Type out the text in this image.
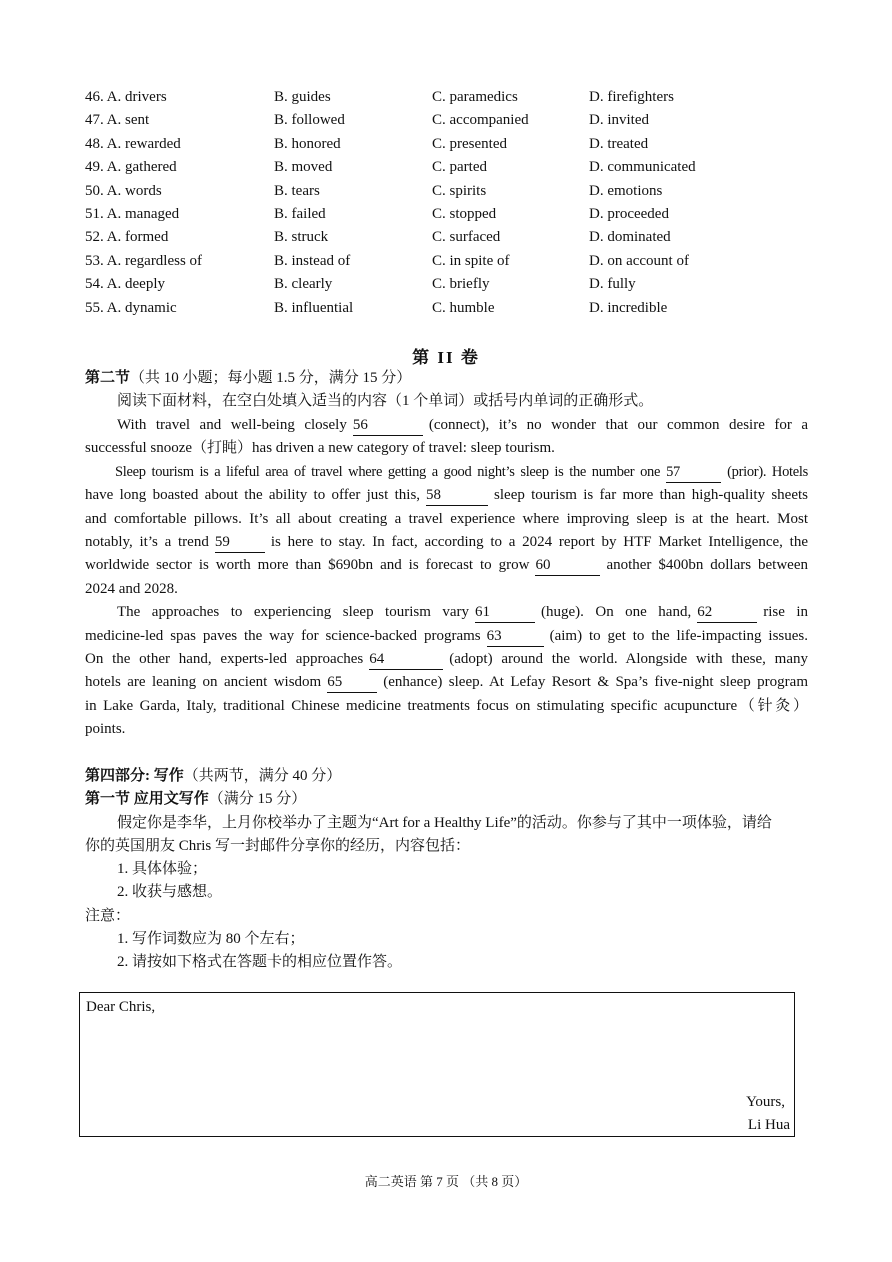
46. A. drivers	B. guides	C. paramedics	D. firefighters
47. A. sent	B. followed	C. accompanied	D. invited
48. A. rewarded	B. honored	C. presented	D. treated
49. A. gathered	B. moved	C. parted	D. communicated
50. A. words	B. tears	C. spirits	D. emotions
51. A. managed	B. failed	C. stopped	D. proceeded
52. A. formed	B. struck	C. surfaced	D. dominated
53. A. regardless of	B. instead of	C. in spite of	D. on account of
54. A. deeply	B. clearly	C. briefly	D. fully
55. A. dynamic	B. influential	C. humble	D. incredible
第 II 卷
第二节（共 10 小题；每小题 1.5 分，满分 15 分）
阅读下面材料，在空白处填入适当的内容（1 个单词）或括号内单词的正确形式。
With travel and well-being closely 56	(connect), it’s no wonder that our common desire for a
successful snooze（打盹）has driven a new category of travel: sleep tourism.
Sleep tourism is a lifeful area of travel where getting a good night’s sleep is the number one 57	(prior). Hotels
have long boasted about the ability to offer just this, 58	sleep tourism is far more than high-quality sheets
and comfortable pillows. It’s all about creating a travel experience where improving sleep is at the heart. Most
notably, it’s a trend 59	is here to stay. In fact, according to a 2024 report by HTF Market Intelligence, the
worldwide sector is worth more than $690bn and is forecast to grow 60	another $400bn dollars between
2024 and 2028.
The approaches to experiencing sleep tourism vary 61	(huge). On one hand, 62	rise in
medicine-led spas paves the way for science-backed programs 63	(aim) to get to the life-impacting issues.
On the other hand, experts-led approaches 64	(adopt) around the world. Alongside with these, many
hotels are leaning on ancient wisdom 65	(enhance) sleep. At Lefay Resort & Spa’s five-night sleep program
in Lake Garda, Italy, traditional Chinese medicine treatments focus on stimulating specific acupuncture（针灸）
points.
第四部分: 写作（共两节，满分 40 分）
第一节 应用文写作（满分 15 分）
假定你是李华，上月你校举办了主题为“Art for a Healthy Life”的活动。你参与了其中一项体验，请给
你的英国朋友 Chris 写一封邮件分享你的经历，内容包括：
1. 具体体验；
2. 收获与感想。
注意：
1. 写作词数应为 80 个左右；
2. 请按如下格式在答题卡的相应位置作答。
Dear Chris,
Yours,
Li Hua
高二英语 第 7 页 （共 8 页）
